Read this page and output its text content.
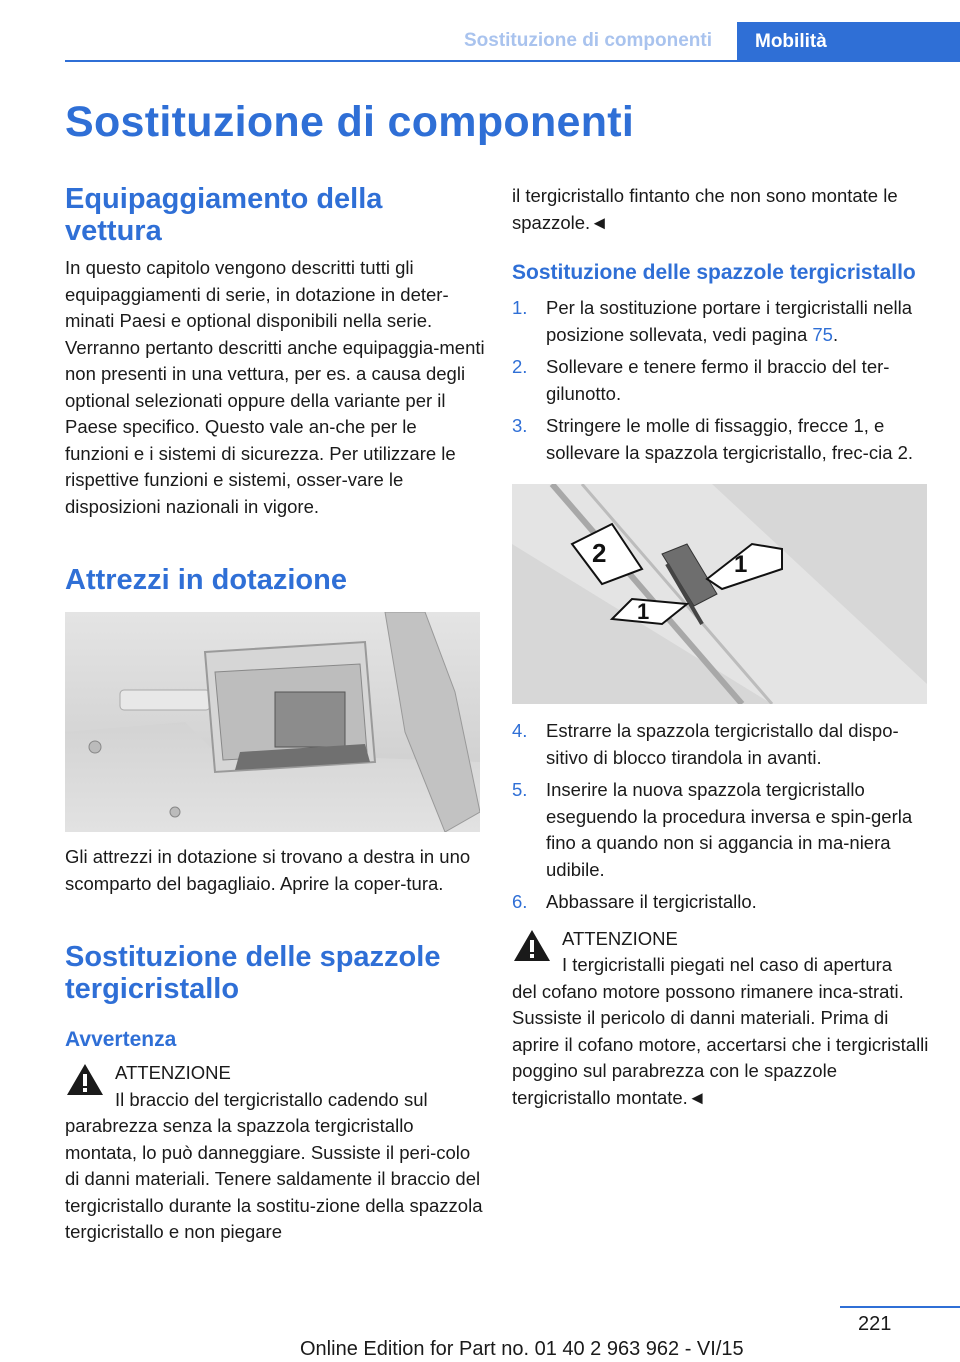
Sostituzione di componenti	Mobilità
Sostituzione di componenti
Equipaggiamento della vettura

In questo capitolo vengono descritti tutti gli equipaggiamenti di serie, in dotazione in deter-minati Paesi e optional disponibili nella serie. Verranno pertanto descritti anche equipaggia-menti non presenti in una vettura, per es. a causa degli optional selezionati oppure della variante per il Paese specifico. Questo vale an-che per le funzioni e i sistemi di sicurezza. Per utilizzare le rispettive funzioni e sistemi, osser-vare le disposizioni nazionali in vigore.

Attrezzi in dotazione

Gli attrezzi in dotazione si trovano a destra in uno scomparto del bagagliaio. Aprire la coper-tura.

Sostituzione delle spazzole tergicristallo
Avvertenza
ATTENZIONE
Il braccio del tergicristallo cadendo sul

parabrezza senza la spazzola tergicristallo montata, lo può danneggiare. Sussiste il peri-colo di danni materiali. Tenere saldamente il braccio del tergicristallo durante la sostitu-zione della spazzola tergicristallo e non piegare

il tergicristallo fintanto che non sono montate le spazzole.◄

Sostituzione delle spazzole tergicristallo
1. Per la sostituzione portare i tergicristalli nella posizione sollevata, vedi pagina 75.
2. Sollevare e tenere fermo il braccio del ter-gilunotto.
3. Stringere le molle di fissaggio, frecce 1, e sollevare la spazzola tergicristallo, frec-cia 2.
2	1
1
4. Estrarre la spazzola tergicristallo dal dispo-sitivo di blocco tirandola in avanti.
5. Inserire la nuova spazzola tergicristallo eseguendo la procedura inversa e spin-gerla fino a quando non si aggancia in ma-niera udibile.
6. Abbassare il tergicristallo.
ATTENZIONE
I tergicristalli piegati nel caso di apertura

del cofano motore possono rimanere inca-strati. Sussiste il pericolo di danni materiali. Prima di aprire il cofano motore, accertarsi che i tergicristalli poggino sul parabrezza con le spazzole tergicristallo montate.◄

221
Online Edition for Part no. 01 40 2 963 962 - VI/15
